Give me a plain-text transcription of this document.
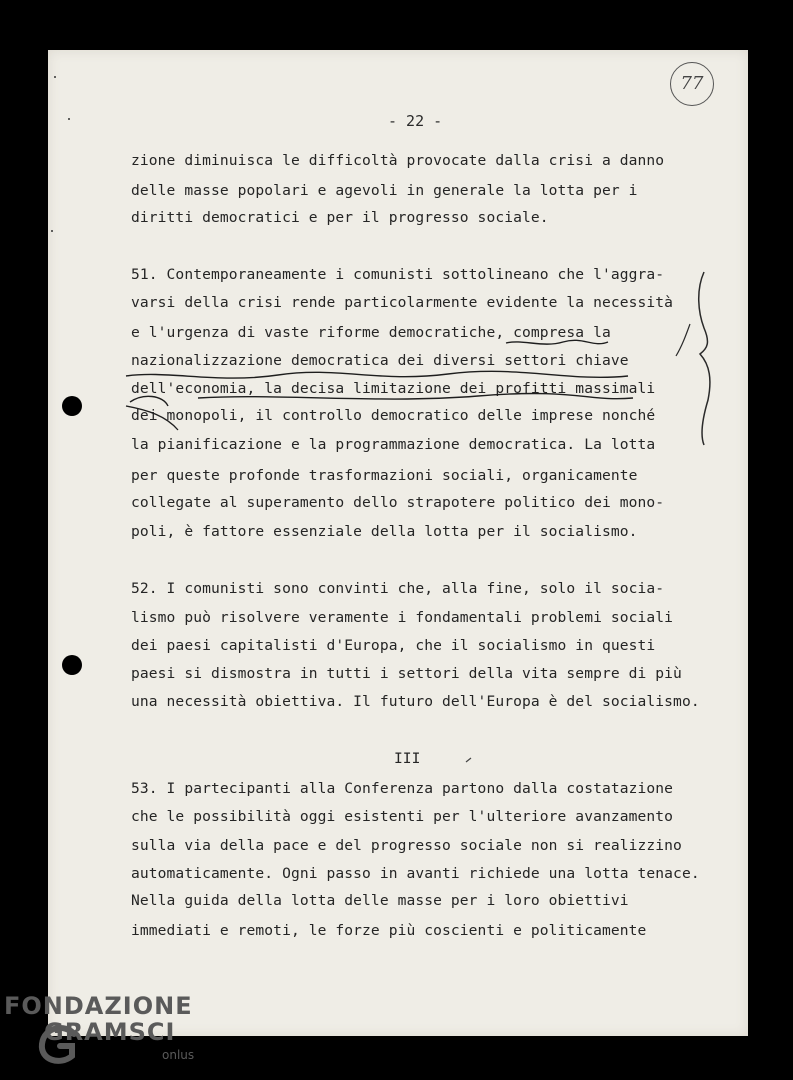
- 22 -
77
zione diminuisca le difficoltà provocate dalla crisi a danno
delle masse popolari e agevoli in generale la lotta per i
diritti democratici e per il progresso sociale.
51. Contemporaneamente i comunisti sottolineano che l'aggra-
varsi della crisi rende particolarmente evidente la necessità
e l'urgenza di vaste riforme democratiche, compresa la
nazionalizzazione democratica dei diversi settori chiave
dell'economia, la decisa limitazione dei profitti massimali
dei monopoli, il controllo democratico delle imprese nonché
la pianificazione e la programmazione democratica. La lotta
per queste profonde trasformazioni sociali, organicamente
collegate al superamento dello strapotere politico dei mono-
poli, è fattore essenziale della lotta per il socialismo.
52. I comunisti sono convinti che, alla fine, solo il socia-
lismo può risolvere veramente i fondamentali problemi sociali
dei paesi capitalisti d'Europa, che il socialismo in questi
paesi si dismostra in tutti i settori della vita sempre di più
una necessità obiettiva. Il futuro dell'Europa è del socialismo.
III
53. I partecipanti alla Conferenza partono dalla costatazione
che le possibilità oggi esistenti per l'ulteriore avanzamento
sulla via della pace e del progresso sociale non si realizzino
automaticamente. Ogni passo in avanti richiede una lotta tenace.
Nella guida della lotta delle masse per i loro obiettivi
immediati e remoti, le forze più coscienti e politicamente
FONDAZIONE
GRAMSCI
onlus
